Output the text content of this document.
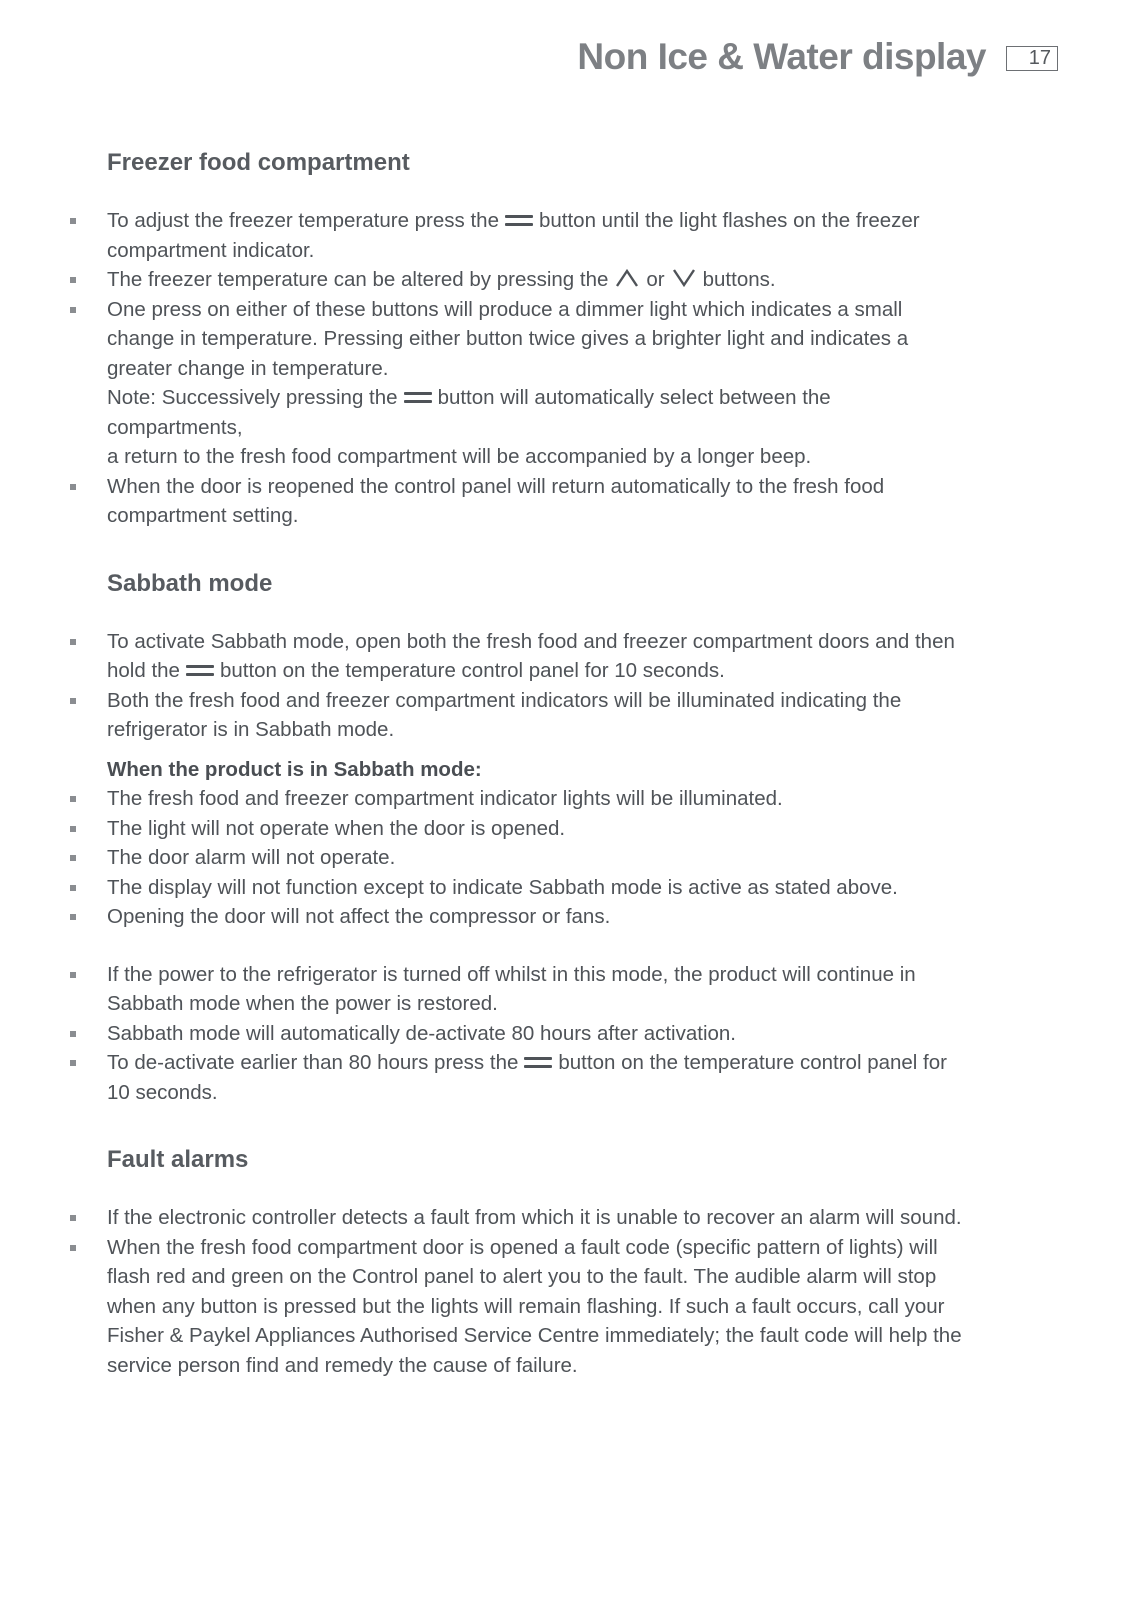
Non Ice & Water display	17
Freezer food compartment
To adjust the freezer temperature press the button until the light flashes on the freezer
compartment indicator.
The freezer temperature can be altered by pressing the or buttons.
One press on either of these buttons will produce a dimmer light which indicates a small
change in temperature. Pressing either button twice gives a brighter light and indicates a
greater change in temperature.
Note: Successively pressing the button will automatically select between the
compartments,
a return to the fresh food compartment will be accompanied by a longer beep.
When the door is reopened the control panel will return automatically to the fresh food
compartment setting.
Sabbath mode
To activate Sabbath mode, open both the fresh food and freezer compartment doors and then
hold the button on the temperature control panel for 10 seconds.
Both the fresh food and freezer compartment indicators will be illuminated indicating the
refrigerator is in Sabbath mode.
When the product is in Sabbath mode:
The fresh food and freezer compartment indicator lights will be illuminated.
The light will not operate when the door is opened.
The door alarm will not operate.
The display will not function except to indicate Sabbath mode is active as stated above.
Opening the door will not affect the compressor or fans.
If the power to the refrigerator is turned off whilst in this mode, the product will continue in
Sabbath mode when the power is restored.
Sabbath mode will automatically de-activate 80 hours after activation.
To de-activate earlier than 80 hours press the button on the temperature control panel for
10 seconds.
Fault alarms
If the electronic controller detects a fault from which it is unable to recover an alarm will sound.
When the fresh food compartment door is opened a fault code (specific pattern of lights) will
flash red and green on the Control panel to alert you to the fault. The audible alarm will stop
when any button is pressed but the lights will remain flashing. If such a fault occurs, call your
Fisher & Paykel Appliances Authorised Service Centre immediately; the fault code will help the
service person find and remedy the cause of failure.
